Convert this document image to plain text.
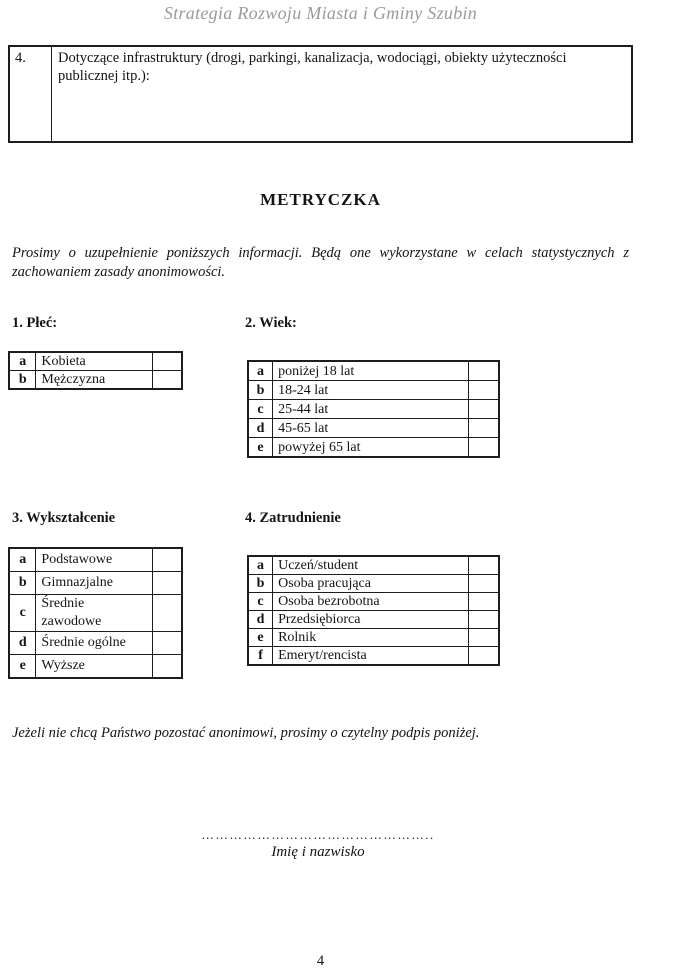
Strategia Rozwoju Miasta i Gminy Szubin
4.	Dotyczące infrastruktury (drogi, parkingi, kanalizacja, wodociągi, obiekty użyteczności publicznej itp.):
METRYCZKA
Prosimy o uzupełnienie poniższych informacji. Będą one wykorzystane w celach statystycznych z zachowaniem zasady anonimowości.
1. Płeć:	2. Wiek:
a	Kobieta	
b	Mężczyzna	
a	poniżej 18 lat	
b	18-24 lat	
c	25-44 lat	
d	45-65 lat	
e	powyżej 65 lat	
3. Wykształcenie	4. Zatrudnienie
a	Podstawowe	
b	Gimnazjalne	
c	Średnie zawodowe	
d	Średnie ogólne	
e	Wyższe	
a	Uczeń/student	
b	Osoba pracująca	
c	Osoba bezrobotna	
d	Przedsiębiorca	
e	Rolnik	
f	Emeryt/rencista	
Jeżeli nie chcą Państwo pozostać anonimowi, prosimy o czytelny podpis poniżej.
…………………………………………..
Imię i nazwisko
4
